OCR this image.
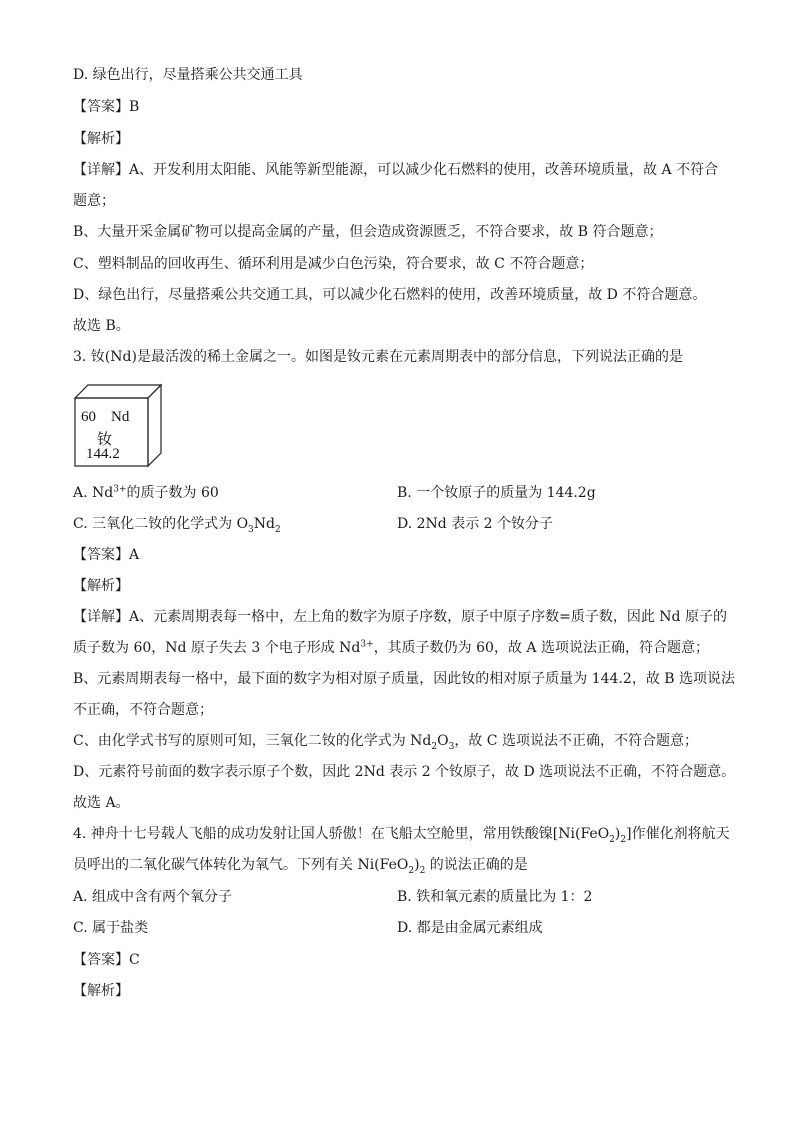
D. 绿色出行，尽量搭乘公共交通工具
【答案】B
【解析】
【详解】A、开发利用太阳能、风能等新型能源，可以减少化石燃料的使用，改善环境质量，故 A 不符合
题意；
B、大量开采金属矿物可以提高金属的产量，但会造成资源匮乏，不符合要求，故 B 符合题意；
C、塑料制品的回收再生、循环利用是减少白色污染，符合要求，故 C 不符合题意；
D、绿色出行，尽量搭乘公共交通工具，可以减少化石燃料的使用，改善环境质量，故 D 不符合题意。
故选 B。
3. 钕(Nd)是最活泼的稀土金属之一。如图是钕元素在元素周期表中的部分信息，下列说法正确的是
60 Nd
钕
144.2
A. $Nd^{3+}$的质子数为 60	B. 一个钕原子的质量为 144.2g
C. 三氧化二钕的化学式为 $O_3Nd_2$	D. 2Nd 表示 2 个钕分子
【答案】A
【解析】
【详解】A、元素周期表每一格中，左上角的数字为原子序数，原子中原子序数=质子数，因此 Nd 原子的
质子数为 60，Nd 原子失去 3 个电子形成 $Nd^{3+}$，其质子数仍为 60，故 A 选项说法正确，符合题意；
B、元素周期表每一格中，最下面的数字为相对原子质量，因此钕的相对原子质量为 144.2，故 B 选项说法
不正确，不符合题意；
C、由化学式书写的原则可知，三氧化二钕的化学式为 $Nd_2O_3$，故 C 选项说法不正确，不符合题意；
D、元素符号前面的数字表示原子个数，因此 2Nd 表示 2 个钕原子，故 D 选项说法不正确，不符合题意。
故选 A。
4. 神舟十七号载人飞船的成功发射让国人骄傲！在飞船太空舱里，常用铁酸镍$[Ni(FeO_2)_2]$作催化剂将航天
员呼出的二氧化碳气体转化为氧气。下列有关 $Ni(FeO_2)_2$ 的说法正确的是
A. 组成中含有两个氧分子	B. 铁和氧元素的质量比为 1：2
C. 属于盐类	D. 都是由金属元素组成
【答案】C
【解析】
